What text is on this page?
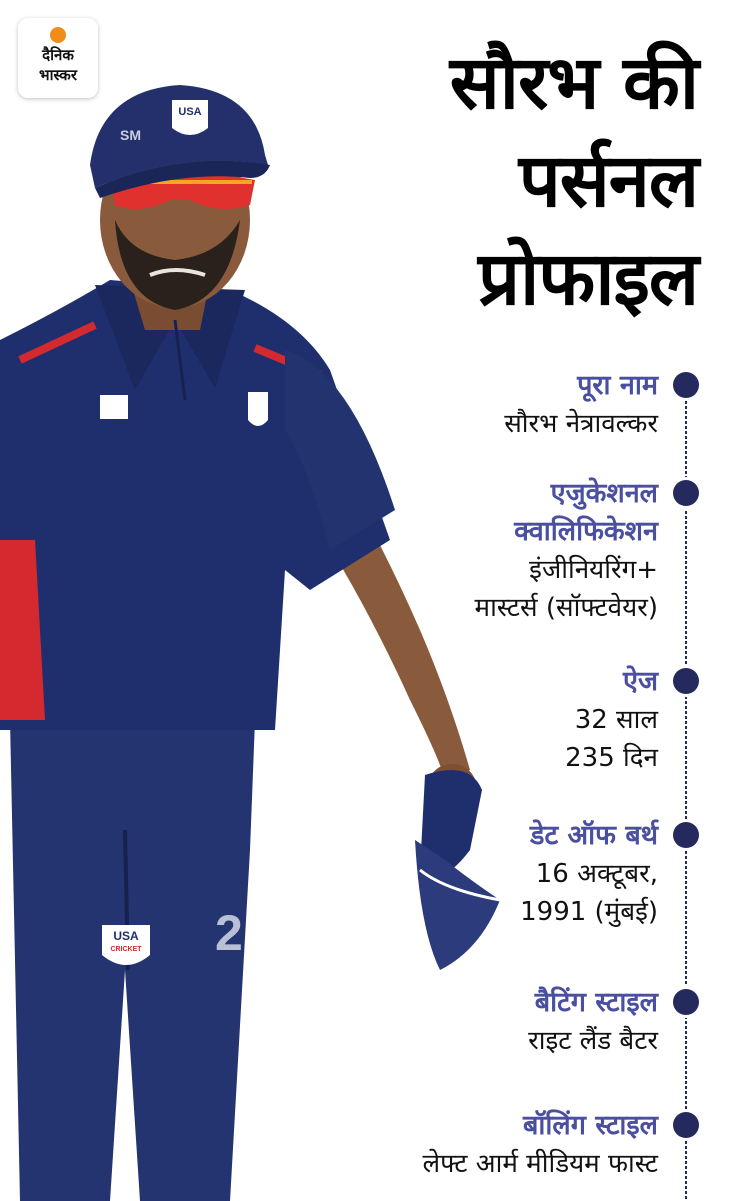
दैनिक
भास्कर
USA
CRICKET 2
USA
SM
सौरभ की
पर्सनल
प्रोफाइल
पूरा नाम
सौरभ नेत्रावल्कर
एजुकेशनल
क्वालिफिकेशन
इंजीनियरिंग+
मास्टर्स (सॉफ्टवेयर)
ऐज
32 साल
235 दिन
डेट ऑफ बर्थ
16 अक्टूबर,
1991 (मुंबई)
बैटिंग स्टाइल
राइट लैंड बैटर
बॉलिंग स्टाइल
लेफ्ट आर्म मीडियम फास्ट
